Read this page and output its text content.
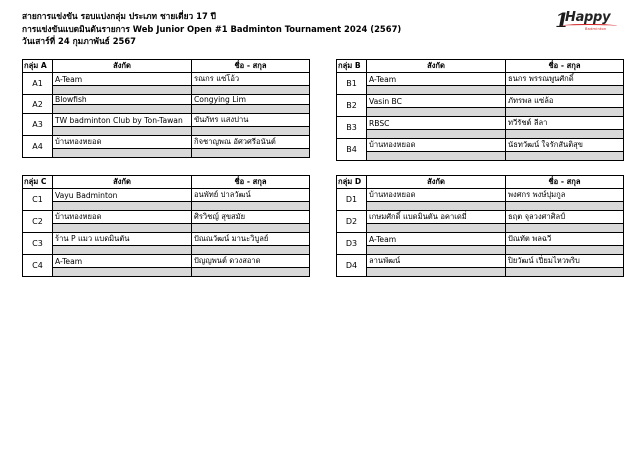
สายการแข่งขัน รอบแบ่งกลุ่ม ประเภท ชายเดี่ยว 17 ปี
การแข่งขันแบดมินตันรายการ Web Junior Open #1 Badminton Tournament 2024 (2567)
วันเสาร์ที่ 24 กุมภาพันธ์ 2567
1
Happy
Badminton
กลุ่ม A	สังกัด	ชื่อ - สกุล
A1	A-Team	รณกร แซ่โอ้ว

A2	Blowfish	Congying Lim

A3	TW badminton Club by Ton-Tawan	ขันภัทร แสงปาน

A4	บ้านทองหยอด	กิจชาญพณ อัศวศรีอนันต์

กลุ่ม B	สังกัด	ชื่อ - สกุล
B1	A-Team	ธนกร พรรณพูนศักดิ์

B2	Vasin BC	ภัทรพล แซ่ล้อ

B3	RBSC	ทวีรัชต์ ลีลา

B4	บ้านทองหยอด	นัธทวัฒน์ ใจรักสันติสุข

กลุ่ม C	สังกัด	ชื่อ - สกุล
C1	Vayu Badminton	อนพัทย์ ปาลวัฒน์

C2	บ้านทองหยอด	ศิรวิชญ์ สุขสมัย

C3	ร้าน P แมว แบดมินตัน	ปัณณวัฒน์ มานะวิบูลย์

C4	A-Team	ปัญญพนต์ ดวงสอาด

กลุ่ม D	สังกัด	ชื่อ - สกุล
D1	บ้านทองหยอด	พงศกร พงษ์ปุมกูล

D2	เกษมศักดิ์ แบดมินตัน อคาเดมี่	ธฤต จุลวงศาศิลป์

D3	A-Team	ปัณทัต พลฉวี

D4	ลานพัฒน์	ปิยวัฒน์ เปี่ยมไหวพริบ
